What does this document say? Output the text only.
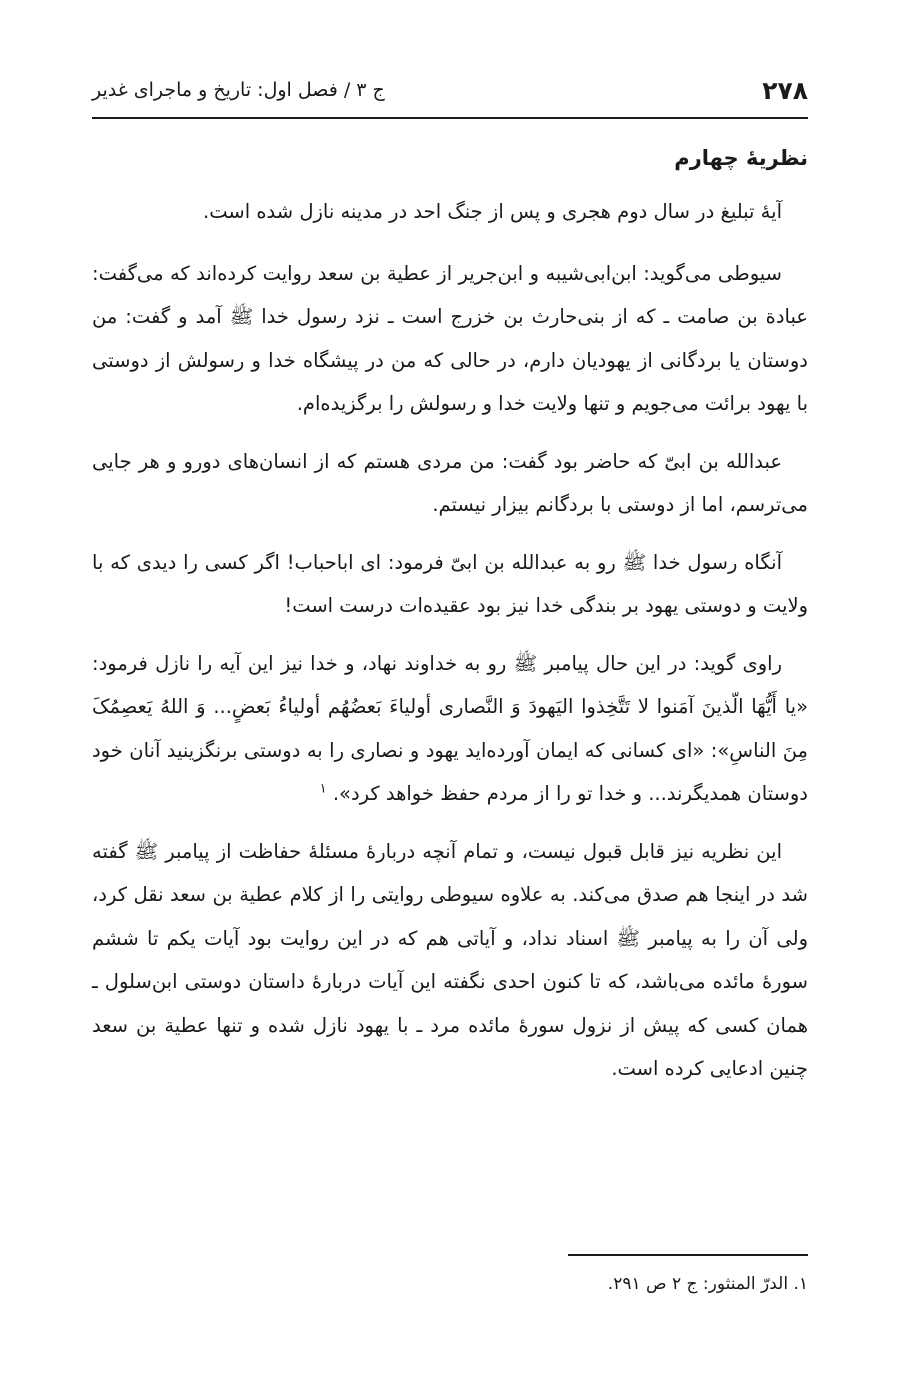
۲۷۸
ج ۳ / فصل اول: تاریخ و ماجرای غدیر
نظریهٔ چهارم

آیهٔ تبلیغ در سال دوم هجری و پس از جنگ احد در مدینه نازل شده است.

سیوطی می‌گوید: ابن‌ابی‌شیبه و ابن‌جریر از عطیة بن سعد روایت کرده‌اند که می‌گفت: عبادة بن صامت ـ که از بنی‌حارث بن خزرج است ـ نزد رسول خدا ﷺ آمد و گفت: من دوستان یا بردگانی از یهودیان دارم، در حالی که من در پیشگاه خدا و رسولش از دوستی با یهود برائت می‌جویم و تنها ولایت خدا و رسولش را برگزیده‌ام.

عبدالله بن ابیّ که حاضر بود گفت: من مردی هستم که از انسان‌های دورو و هر جایی می‌ترسم، اما از دوستی با بردگانم بیزار نیستم.

آنگاه رسول خدا ﷺ رو به عبدالله بن ابیّ فرمود: ای اباحباب! اگر کسی را دیدی که با ولایت و دوستی یهود بر بندگی خدا نیز بود عقیده‌ات درست است!

راوی گوید: در این حال پیامبر ﷺ رو به خداوند نهاد، و خدا نیز این آیه را نازل فرمود: «یا أَیُّهَا الّذینَ آمَنوا لا تَتَّخِذوا الیَهودَ وَ النَّصاری أولیاءَ بَعضُهُم أولیاءُ بَعضٍ... وَ اللهُ یَعصِمُکَ مِنَ الناسِ»: «ای کسانی که ایمان آورده‌اید یهود و نصاری را به دوستی برنگزینید آنان خود دوستان همدیگرند... و خدا تو را از مردم حفظ خواهد کرد». $^۱$

این نظریه نیز قابل قبول نیست، و تمام آنچه دربارهٔ مسئلهٔ حفاظت از پیامبر ﷺ گفته شد در اینجا هم صدق می‌کند. به علاوه سیوطی روایتی را از کلام عطیة بن سعد نقل کرد، ولی آن را به پیامبر ﷺ اسناد نداد، و آیاتی هم که در این روایت بود آیات یکم تا ششم سورهٔ مائده می‌باشد، که تا کنون احدی نگفته این آیات دربارهٔ داستان دوستی ابن‌سلول ـ همان کسی که پیش از نزول سورهٔ مائده مرد ـ با یهود نازل شده و تنها عطیة بن سعد چنین ادعایی کرده است.

۱. الدرّ المنثور: ج ۲ ص ۲۹۱.
